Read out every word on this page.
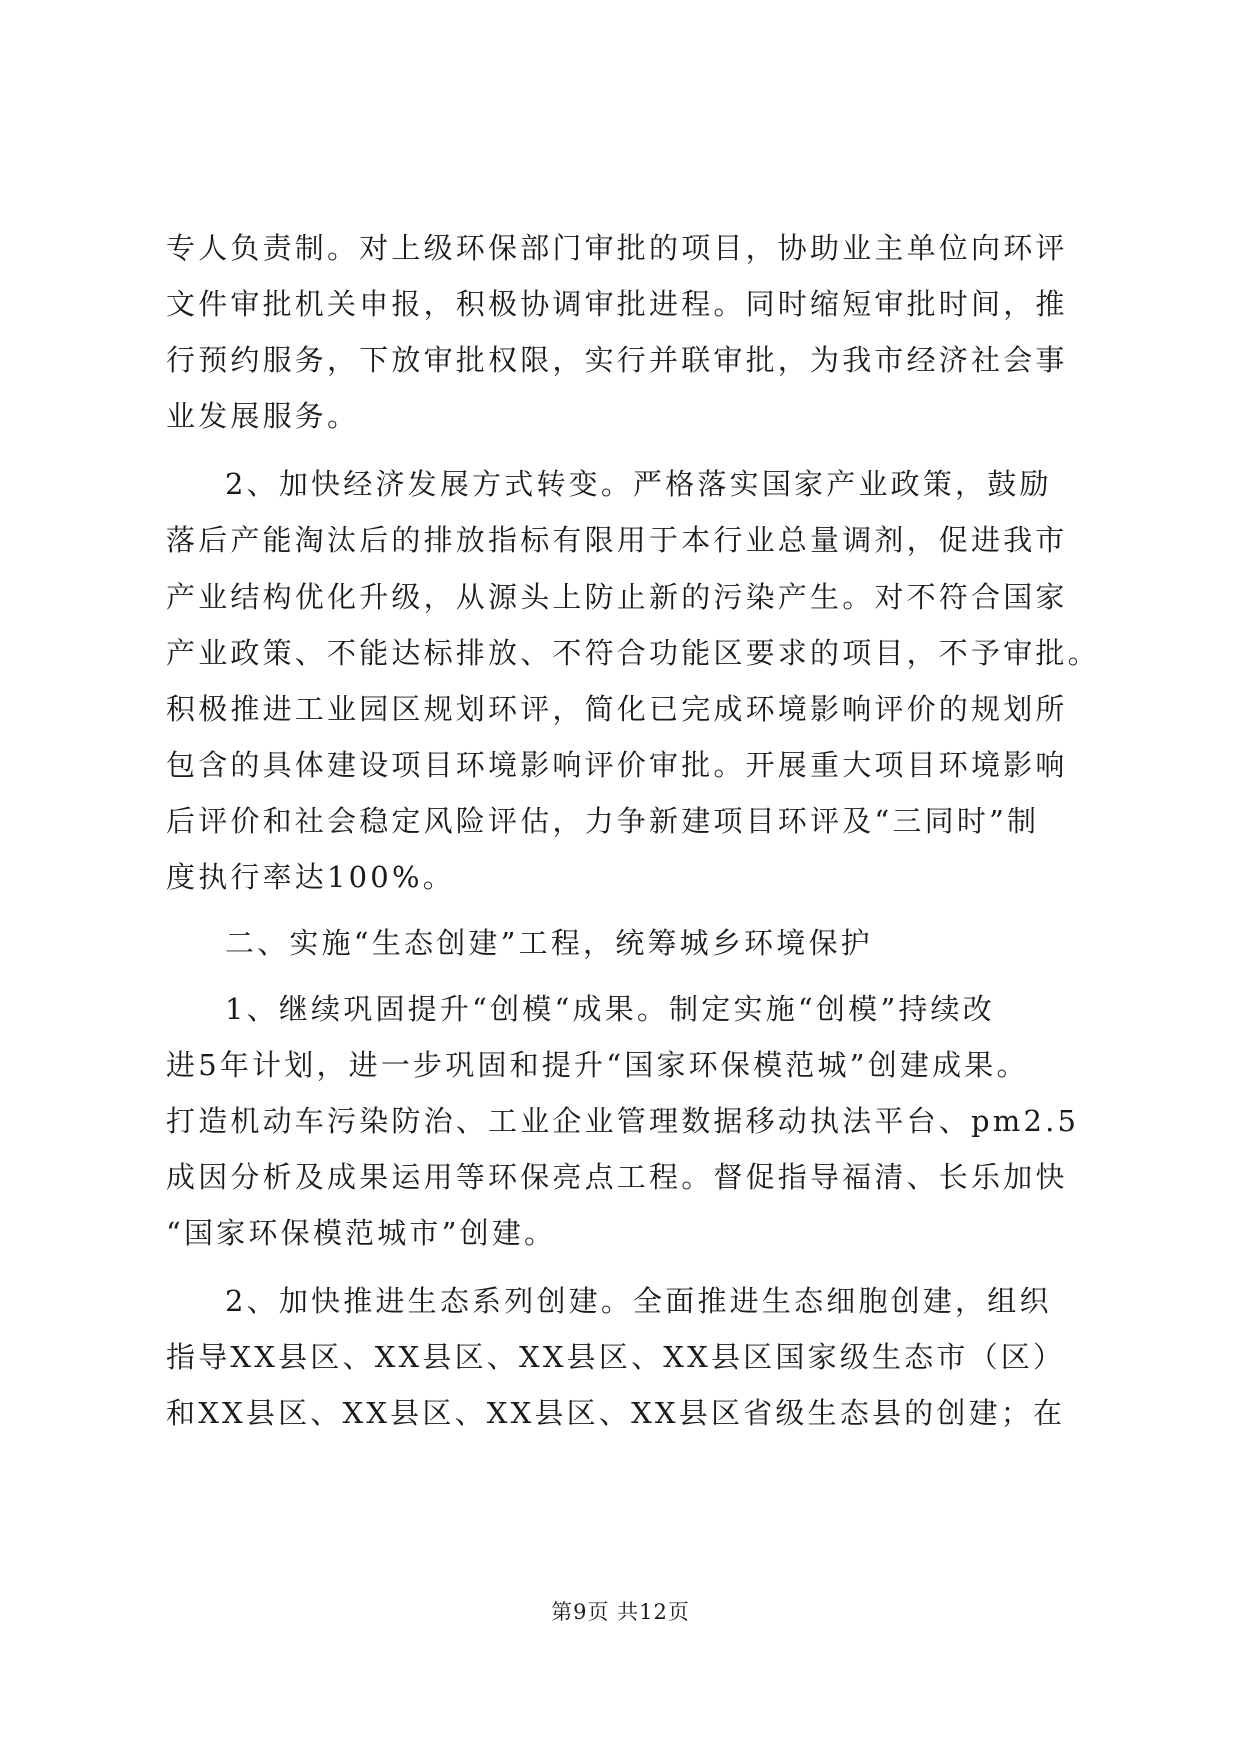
专人负责制。对上级环保部门审批的项目，协助业主单位向环评
文件审批机关申报，积极协调审批进程。同时缩短审批时间，推
行预约服务，下放审批权限，实行并联审批，为我市经济社会事
业发展服务。
2、加快经济发展方式转变。严格落实国家产业政策，鼓励
落后产能淘汰后的排放指标有限用于本行业总量调剂，促进我市
产业结构优化升级，从源头上防止新的污染产生。对不符合国家
产业政策、不能达标排放、不符合功能区要求的项目，不予审批。
积极推进工业园区规划环评，简化已完成环境影响评价的规划所
包含的具体建设项目环境影响评价审批。开展重大项目环境影响
后评价和社会稳定风险评估，力争新建项目环评及“三同时”制
度执行率达100%。
二、实施“生态创建”工程，统筹城乡环境保护
1、继续巩固提升“创模“成果。制定实施“创模”持续改
进5年计划，进一步巩固和提升“国家环保模范城”创建成果。
打造机动车污染防治、工业企业管理数据移动执法平台、pm2.5
成因分析及成果运用等环保亮点工程。督促指导福清、长乐加快
“国家环保模范城市”创建。
2、加快推进生态系列创建。全面推进生态细胞创建，组织
指导XX县区、XX县区、XX县区、XX县区国家级生态市（区）
和XX县区、XX县区、XX县区、XX县区省级生态县的创建；在
第9页 共12页
